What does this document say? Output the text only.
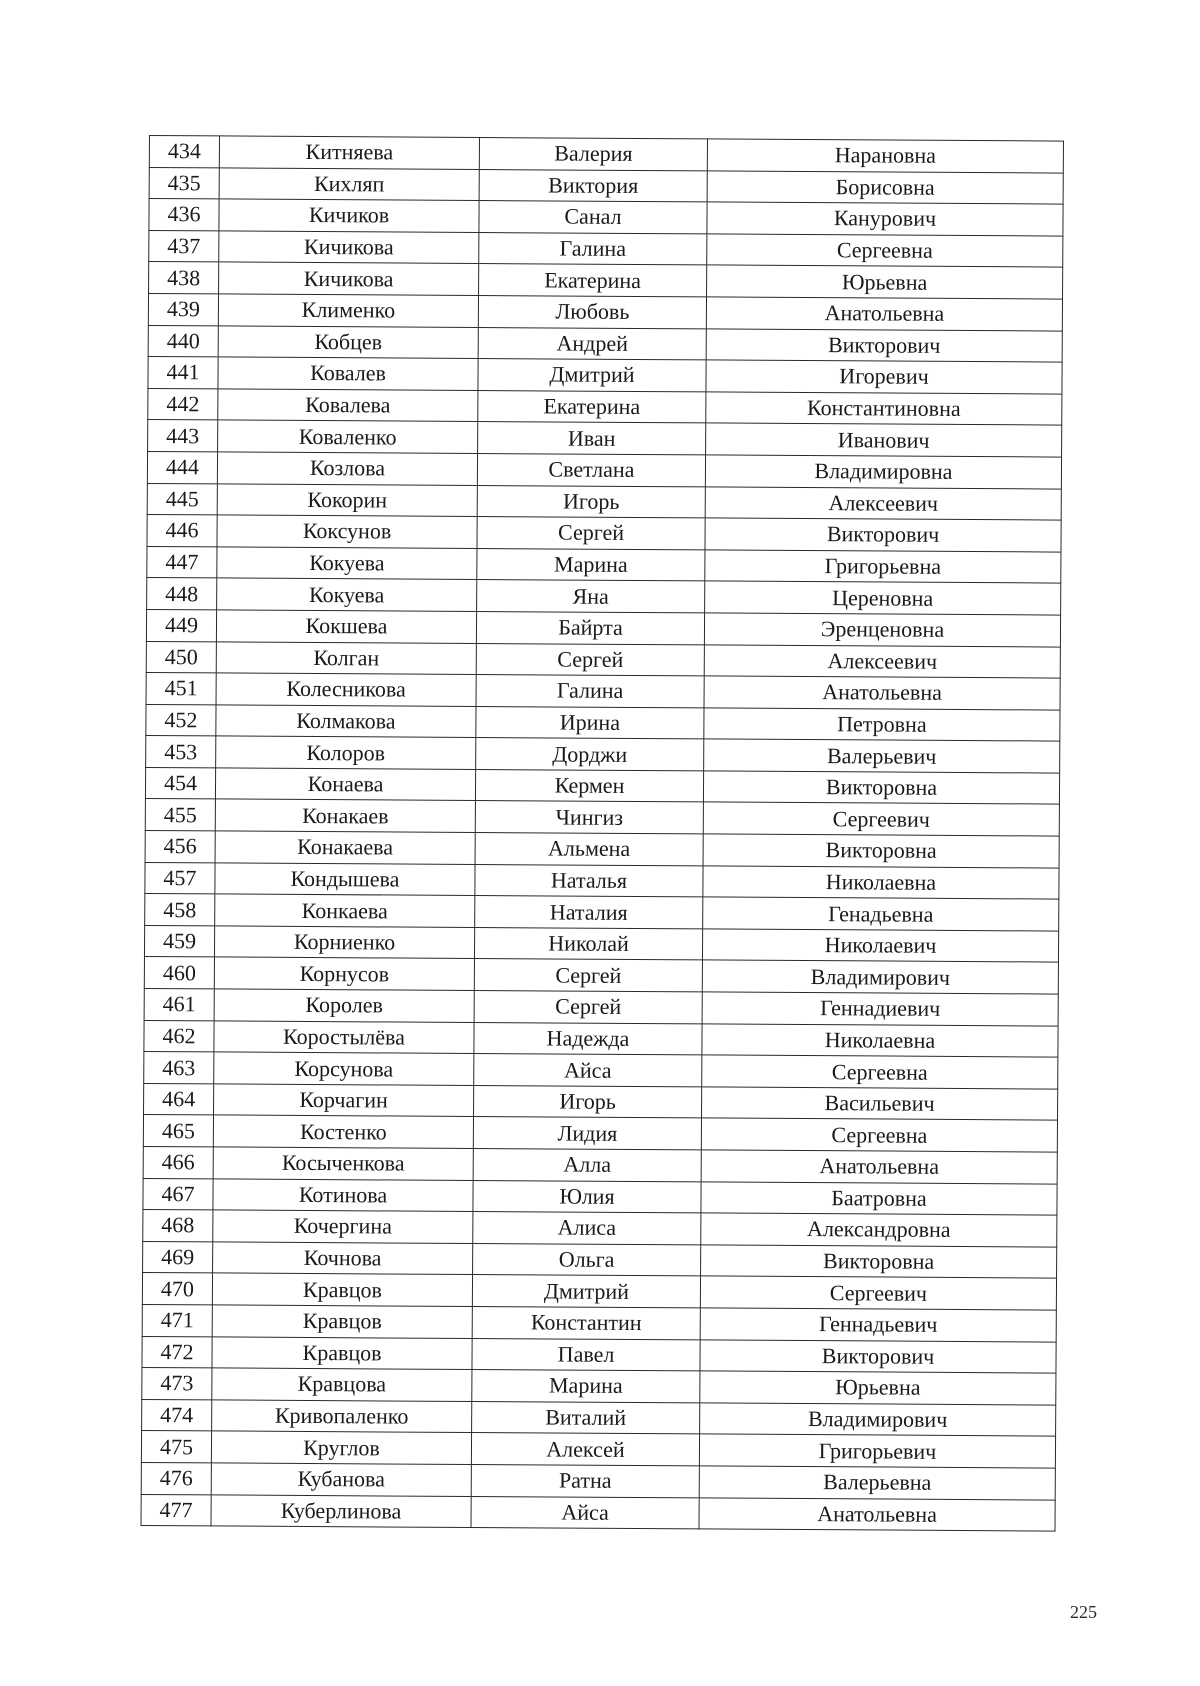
434	Китняева	Валерия	Нарановна
435	Кихляп	Виктория	Борисовна
436	Кичиков	Санал	Канурович
437	Кичикова	Галина	Сергеевна
438	Кичикова	Екатерина	Юрьевна
439	Клименко	Любовь	Анатольевна
440	Кобцев	Андрей	Викторович
441	Ковалев	Дмитрий	Игоревич
442	Ковалева	Екатерина	Константиновна
443	Коваленко	Иван	Иванович
444	Козлова	Светлана	Владимировна
445	Кокорин	Игорь	Алексеевич
446	Коксунов	Сергей	Викторович
447	Кокуева	Марина	Григорьевна
448	Кокуева	Яна	Цереновна
449	Кокшева	Байрта	Эренценовна
450	Колган	Сергей	Алексеевич
451	Колесникова	Галина	Анатольевна
452	Колмакова	Ирина	Петровна
453	Колоров	Дорджи	Валерьевич
454	Конаева	Кермен	Викторовна
455	Конакаев	Чингиз	Сергеевич
456	Конакаева	Альмена	Викторовна
457	Кондышева	Наталья	Николаевна
458	Конкаева	Наталия	Генадьевна
459	Корниенко	Николай	Николаевич
460	Корнусов	Сергей	Владимирович
461	Королев	Сергей	Геннадиевич
462	Коростылёва	Надежда	Николаевна
463	Корсунова	Айса	Сергеевна
464	Корчагин	Игорь	Васильевич
465	Костенко	Лидия	Сергеевна
466	Косыченкова	Алла	Анатольевна
467	Котинова	Юлия	Баатровна
468	Кочергина	Алиса	Александровна
469	Кочнова	Ольга	Викторовна
470	Кравцов	Дмитрий	Сергеевич
471	Кравцов	Константин	Геннадьевич
472	Кравцов	Павел	Викторович
473	Кравцова	Марина	Юрьевна
474	Кривопаленко	Виталий	Владимирович
475	Круглов	Алексей	Григорьевич
476	Кубанова	Ратна	Валерьевна
477	Куберлинова	Айса	Анатольевна
225
